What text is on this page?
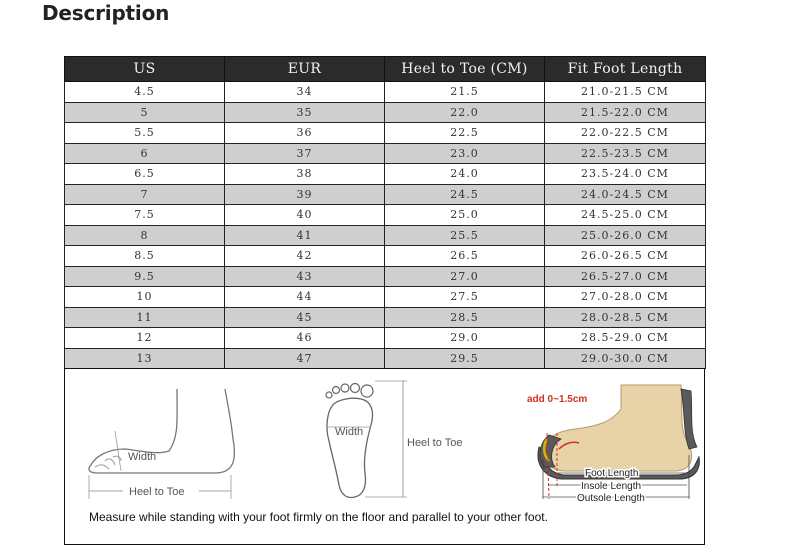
Description
US	EUR	Heel to Toe (CM)	Fit Foot Length
4.5	34	21.5	21.0-21.5 CM
5	35	22.0	21.5-22.0 CM
5.5	36	22.5	22.0-22.5 CM
6	37	23.0	22.5-23.5 CM
6.5	38	24.0	23.5-24.0 CM
7	39	24.5	24.0-24.5 CM
7.5	40	25.0	24.5-25.0 CM
8	41	25.5	25.0-26.0 CM
8.5	42	26.5	26.0-26.5 CM
9.5	43	27.0	26.5-27.0 CM
10	44	27.5	27.0-28.0 CM
11	45	28.5	28.0-28.5 CM
12	46	29.0	28.5-29.0 CM
13	47	29.5	29.0-30.0 CM
Width
Heel to Toe
Width
Heel to Toe
add 0~1.5cm
Foot Length
Insole Length
Outsole Length
Measure while standing with your foot firmly on the floor and parallel to your other foot.
